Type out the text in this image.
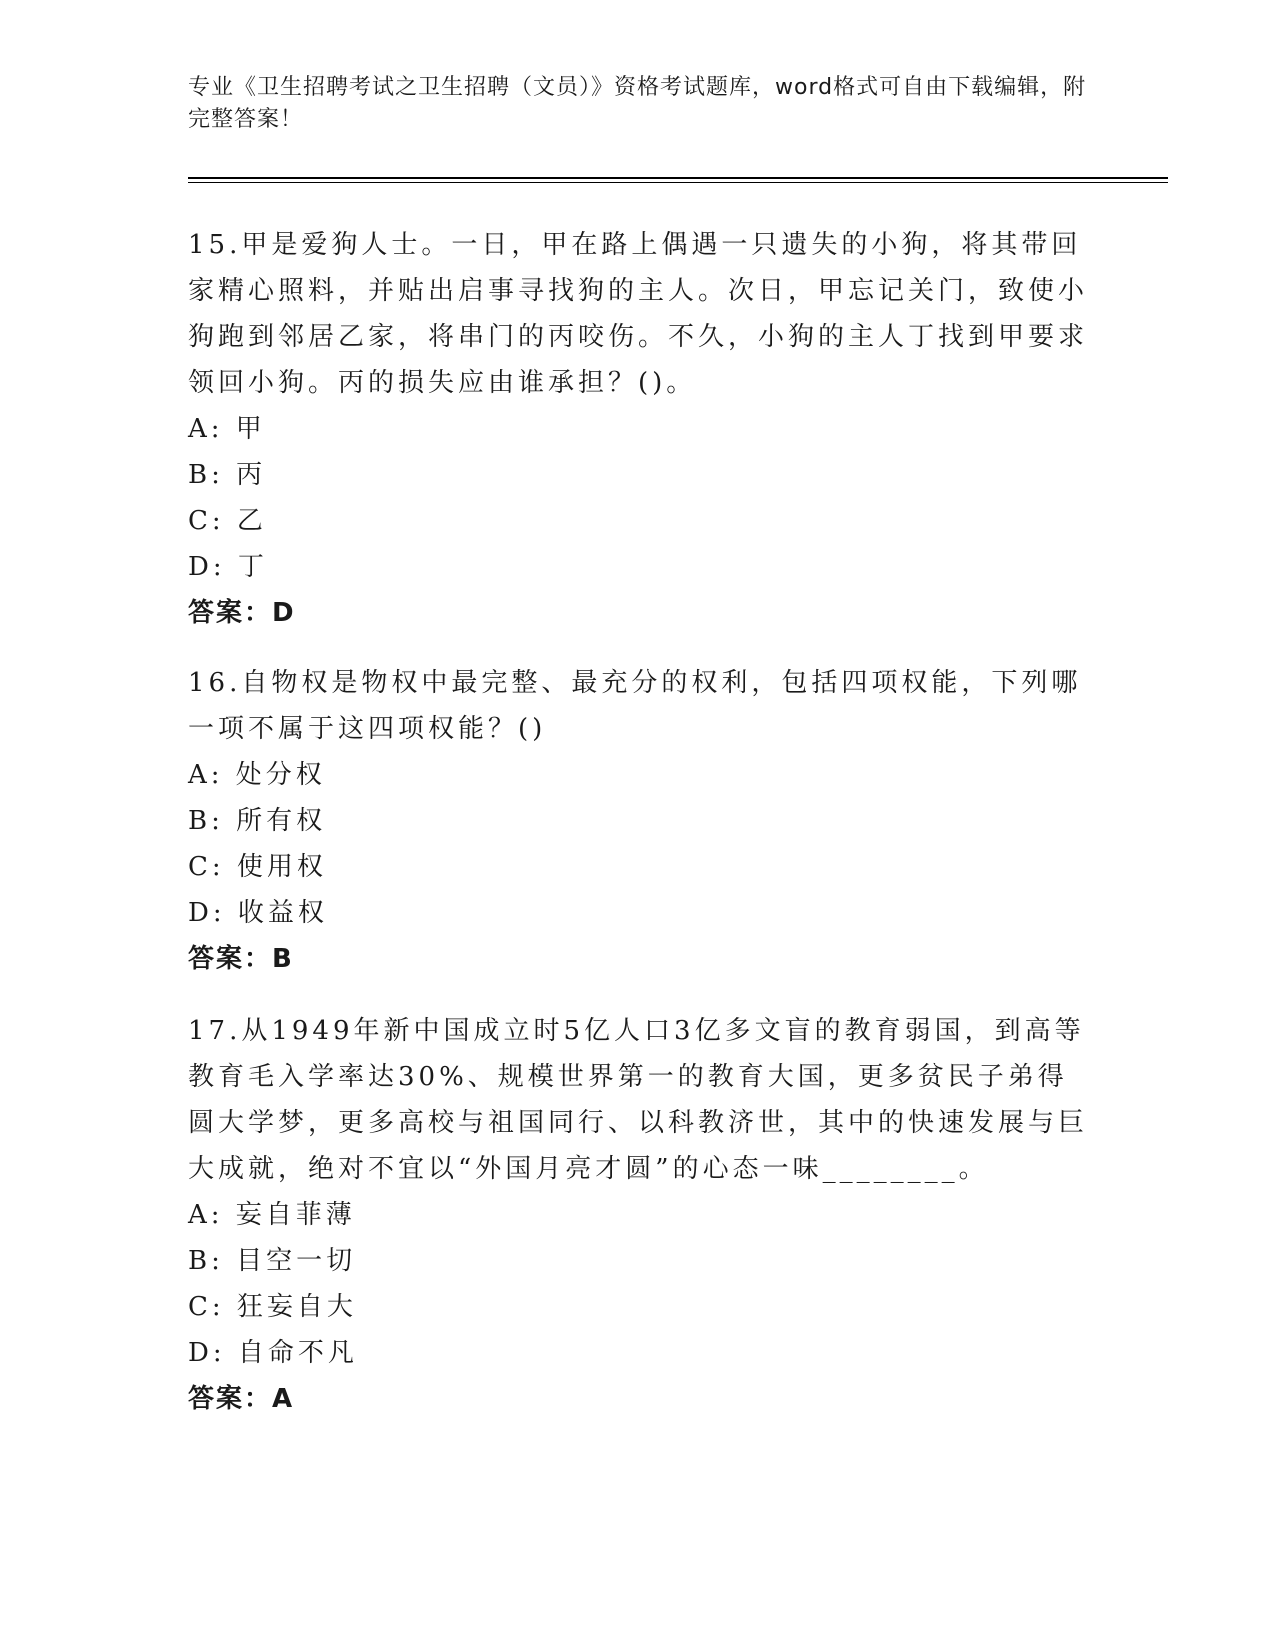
专业《卫生招聘考试之卫生招聘（文员）》资格考试题库，word格式可自由下载编辑，附完整答案！

15.甲是爱狗人士。一日，甲在路上偶遇一只遗失的小狗，将其带回家精心照料，并贴出启事寻找狗的主人。次日，甲忘记关门，致使小狗跑到邻居乙家，将串门的丙咬伤。不久，小狗的主人丁找到甲要求领回小狗。丙的损失应由谁承担？()。

A: 甲

B: 丙

C: 乙

D: 丁

答案：D

16.自物权是物权中最完整、最充分的权利，包括四项权能，下列哪一项不属于这四项权能？()

A: 处分权

B: 所有权

C: 使用权

D: 收益权

答案：B

17.从1949年新中国成立时5亿人口3亿多文盲的教育弱国，到高等教育毛入学率达30%、规模世界第一的教育大国，更多贫民子弟得圆大学梦，更多高校与祖国同行、以科教济世，其中的快速发展与巨大成就，绝对不宜以“外国月亮才圆”的心态一味________。

A: 妄自菲薄

B: 目空一切

C: 狂妄自大

D: 自命不凡

答案：A
